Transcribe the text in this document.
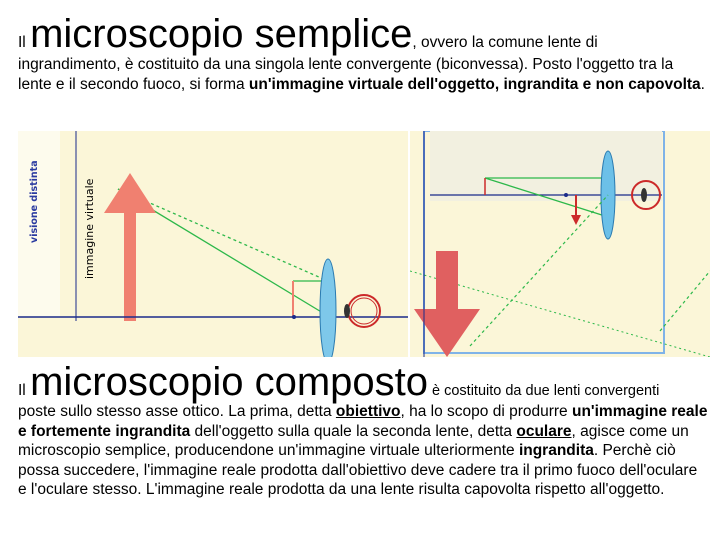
Il microscopio semplice, ovvero la comune lente di
ingrandimento, è costituito da una singola lente convergente (biconvessa). Posto l'oggetto tra la lente e il secondo fuoco, si forma un'immagine virtuale dell'oggetto, ingrandita e non capovolta.
visione distinta	immagine virtuale
Il microscopio composto è costituito da due lenti convergenti
poste sullo stesso asse ottico. La prima, detta obiettivo, ha lo scopo di produrre un'immagine reale e fortemente ingrandita dell'oggetto sulla quale la seconda lente, detta oculare, agisce come un microscopio semplice, producendone un'immagine virtuale ulteriormente ingrandita. Perchè ciò possa succedere, l'immagine reale prodotta dall'obiettivo deve cadere tra il primo fuoco dell'oculare e l'oculare stesso. L'immagine reale prodotta da una lente risulta capovolta rispetto all'oggetto.
